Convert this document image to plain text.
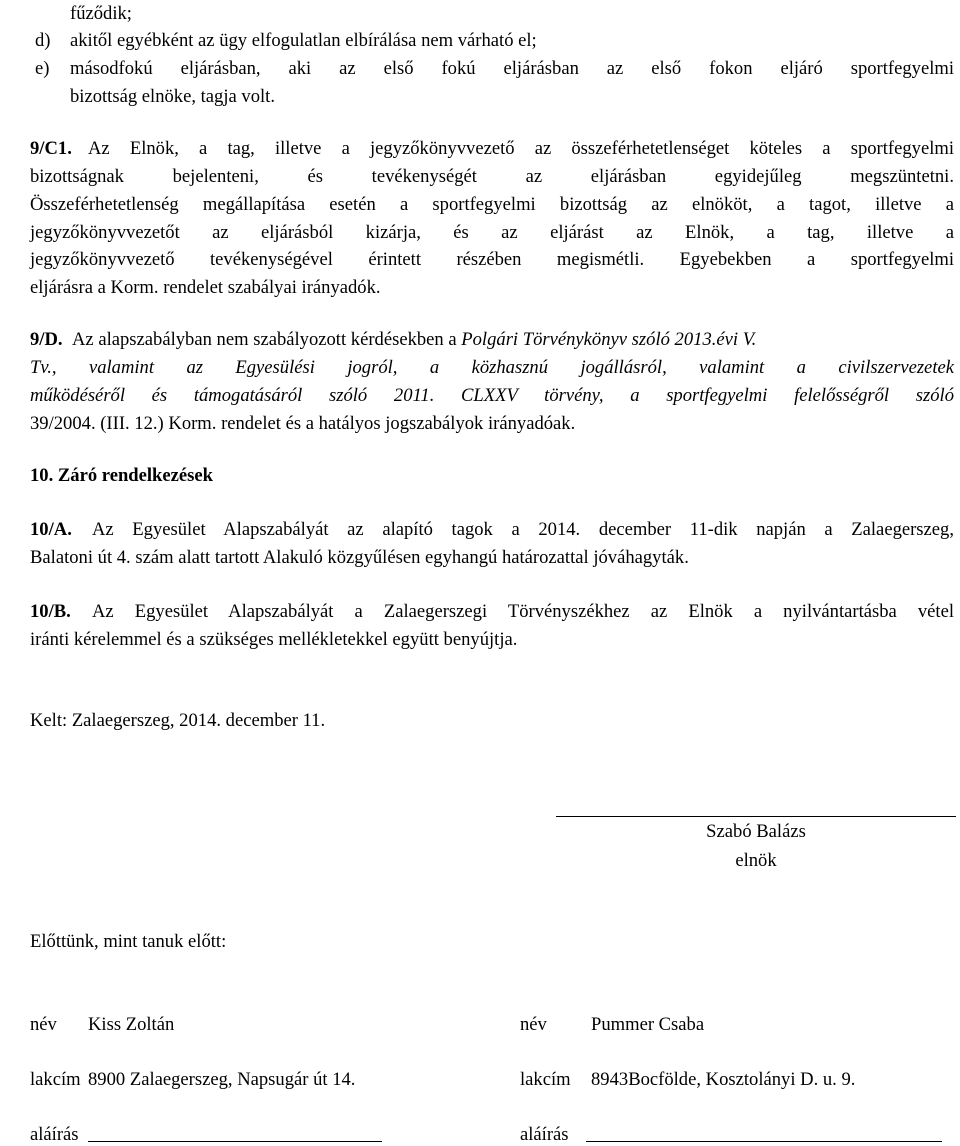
fűződik;
d) akitől egyébként az ügy elfogulatlan elbírálása nem várható el;
e) másodfokú eljárásban, aki az első fokú eljárásban az első fokon eljáró sportfegyelmi
bizottság elnöke, tagja volt.
9/C1. Az Elnök, a tag, illetve a jegyzőkönyvvezető az összeférhetetlenséget köteles a sportfegyelmi
bizottságnak bejelenteni, és tevékenységét az eljárásban egyidejűleg megszüntetni.
Összeférhetetlenség megállapítása esetén a sportfegyelmi bizottság az elnököt, a tagot, illetve a
jegyzőkönyvvezetőt az eljárásból kizárja, és az eljárást az Elnök, a tag, illetve a
jegyzőkönyvvezető tevékenységével érintett részében megismétli. Egyebekben a sportfegyelmi
eljárásra a Korm. rendelet szabályai irányadók.
9/D. Az alapszabályban nem szabályozott kérdésekben a Polgári Törvénykönyv szóló 2013.évi V.
Tv. , valamint az Egyesülési jogról, a közhasznú jogállásról, valamint a civilszervezetek
működéséről és támogatásáról szóló 2011. CLXXV törvény, a sportfegyelmi felelősségről szóló
39/2004. (III. 12.) Korm. rendelet és a hatályos jogszabályok irányadóak.
10. Záró rendelkezések
10/A. Az Egyesület Alapszabályát az alapító tagok a 2014. december 11-dik napján a Zalaegerszeg,
Balatoni út 4. szám alatt tartott Alakuló közgyűlésen egyhangú határozattal jóváhagyták.
10/B. Az Egyesület Alapszabályát a Zalaegerszegi Törvényszékhez az Elnök a nyilvántartásba vétel
iránti kérelemmel és a szükséges mellékletekkel együtt benyújtja.
Kelt: Zalaegerszeg, 2014. december 11.
Szabó Balázs
elnök
Előttünk, mint tanuk előtt:
név Kiss Zoltán	név Pummer Csaba
lakcím 8900 Zalaegerszeg, Napsugár út 14.	lakcím 8943Bocfölde, Kosztolányi D. u. 9.
aláírás	aláírás
